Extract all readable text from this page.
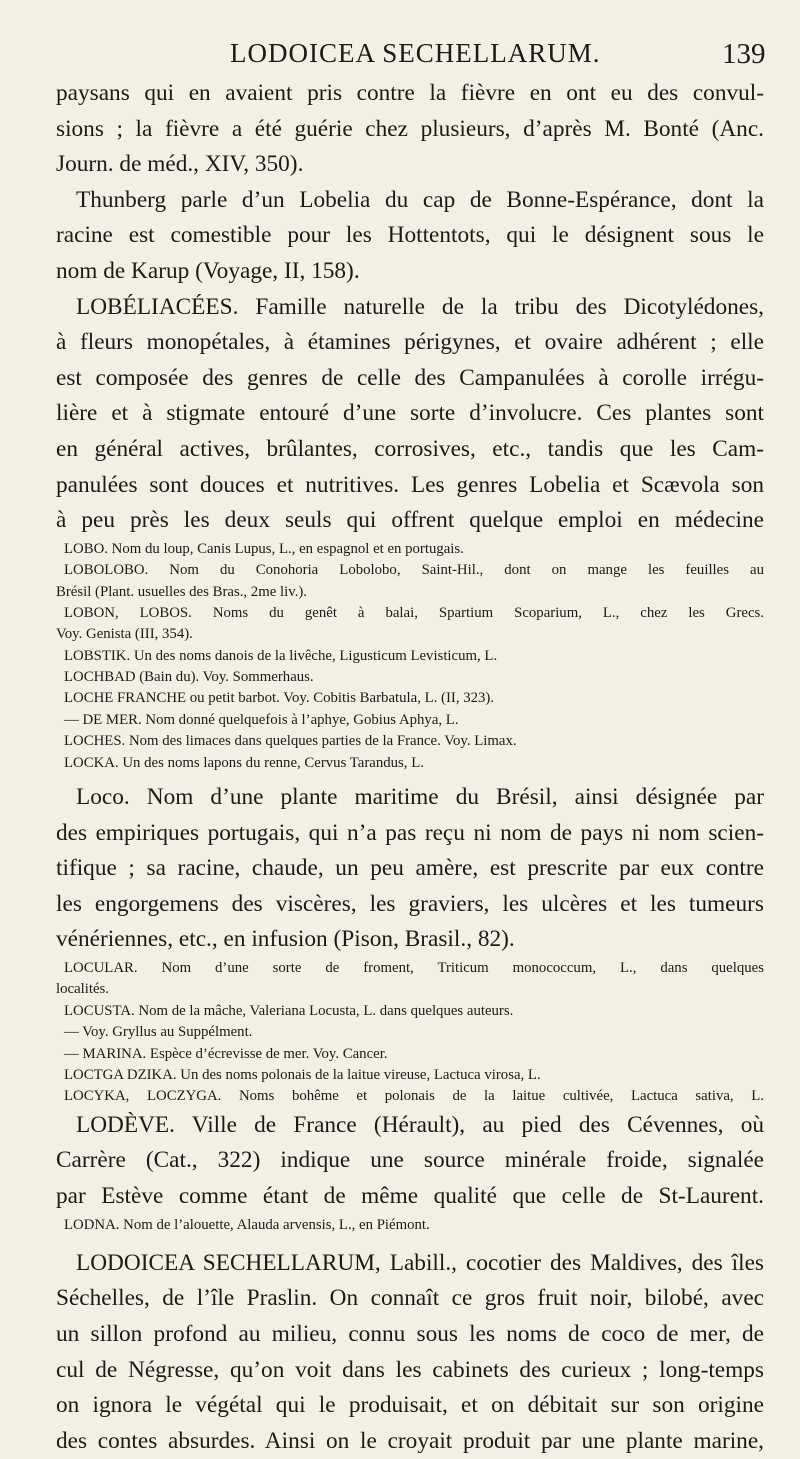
LODOICEA SECHELLARUM.	139
paysans qui en avaient pris contre la fièvre en ont eu des convul-
sions ; la fièvre a été guérie chez plusieurs, d’après M. Bonté (Anc.
Journ. de méd., XIV, 350).
Thunberg parle d’un Lobelia du cap de Bonne-Espérance, dont la
racine est comestible pour les Hottentots, qui le désignent sous le
nom de Karup (Voyage, II, 158).
LOBÉLIACÉES. Famille naturelle de la tribu des Dicotylédones,
à fleurs monopétales, à étamines périgynes, et ovaire adhérent ; elle
est composée des genres de celle des Campanulées à corolle irrégu-
lière et à stigmate entouré d’une sorte d’involucre. Ces plantes sont
en général actives, brûlantes, corrosives, etc., tandis que les Cam-
panulées sont douces et nutritives. Les genres Lobelia et Scævola son
à peu près les deux seuls qui offrent quelque emploi en médecine
LOBO. Nom du loup, Canis Lupus, L., en espagnol et en portugais.
LOBOLOBO. Nom du Conohoria Lobolobo, Saint-Hil., dont on mange les feuilles au
Brésil (Plant. usuelles des Bras., 2me liv.).
LOBON, LOBOS. Noms du genêt à balai, Spartium Scoparium, L., chez les Grecs.
Voy. Genista (III, 354).
LOBSTIK. Un des noms danois de la livêche, Ligusticum Levisticum, L.
LOCHBAD (Bain du). Voy. Sommerhaus.
LOCHE FRANCHE ou petit barbot. Voy. Cobitis Barbatula, L. (II, 323).
— DE MER. Nom donné quelquefois à l’aphye, Gobius Aphya, L.
LOCHES. Nom des limaces dans quelques parties de la France. Voy. Limax.
LOCKA. Un des noms lapons du renne, Cervus Tarandus, L.
Loco. Nom d’une plante maritime du Brésil, ainsi désignée par
des empiriques portugais, qui n’a pas reçu ni nom de pays ni nom scien-
tifique ; sa racine, chaude, un peu amère, est prescrite par eux contre
les engorgemens des viscères, les graviers, les ulcères et les tumeurs
vénériennes, etc., en infusion (Pison, Brasil., 82).
LOCULAR. Nom d’une sorte de froment, Triticum monococcum, L., dans quelques
localités.
LOCUSTA. Nom de la mâche, Valeriana Locusta, L. dans quelques auteurs.
— Voy. Gryllus au Suppélment.
— MARINA. Espèce d’écrevisse de mer. Voy. Cancer.
LOCTGA DZIKA. Un des noms polonais de la laitue vireuse, Lactuca virosa, L.
LOCYKA, LOCZYGA. Noms bohême et polonais de la laitue cultivée, Lactuca sativa, L.
LODÈVE. Ville de France (Hérault), au pied des Cévennes, où
Carrère (Cat., 322) indique une source minérale froide, signalée
par Estève comme étant de même qualité que celle de St-Laurent.
LODNA. Nom de l’alouette, Alauda arvensis, L., en Piémont.
LODOICEA SECHELLARUM, Labill., cocotier des Maldives, des îles
Séchelles, de l’île Praslin. On connaît ce gros fruit noir, bilobé, avec
un sillon profond au milieu, connu sous les noms de coco de mer, de
cul de Négresse, qu’on voit dans les cabinets des curieux ; long-temps
on ignora le végétal qui le produisait, et on débitait sur son origine
des contes absurdes. Ainsi on le croyait produit par une plante marine,
